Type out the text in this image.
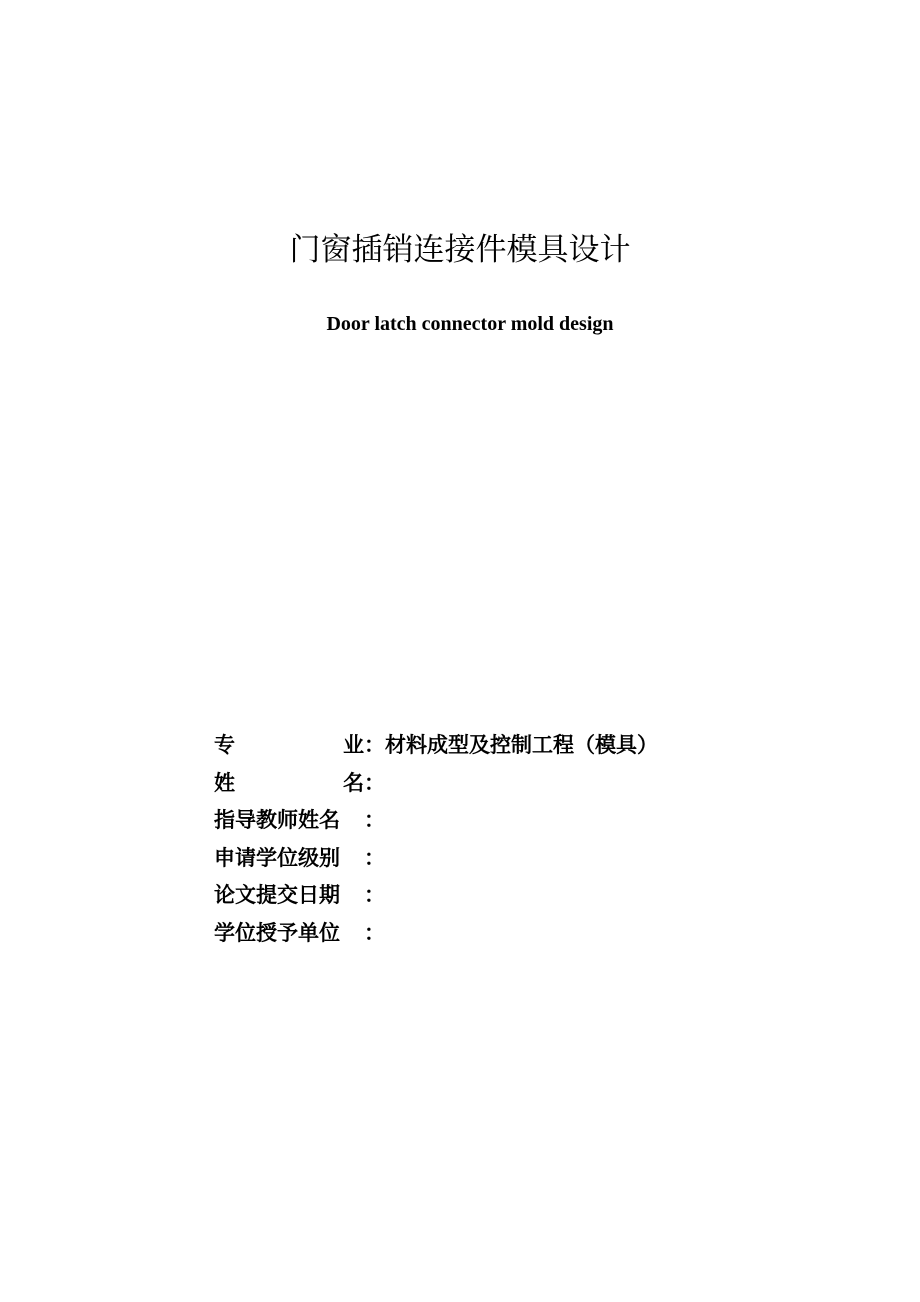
门窗插销连接件模具设计
Door latch connector mold design
专	业 ： 材料成型及控制工程（模具）
姓	名 ：
指导教师姓名	：
申请学位级别	：
论文提交日期	：
学位授予单位	：
